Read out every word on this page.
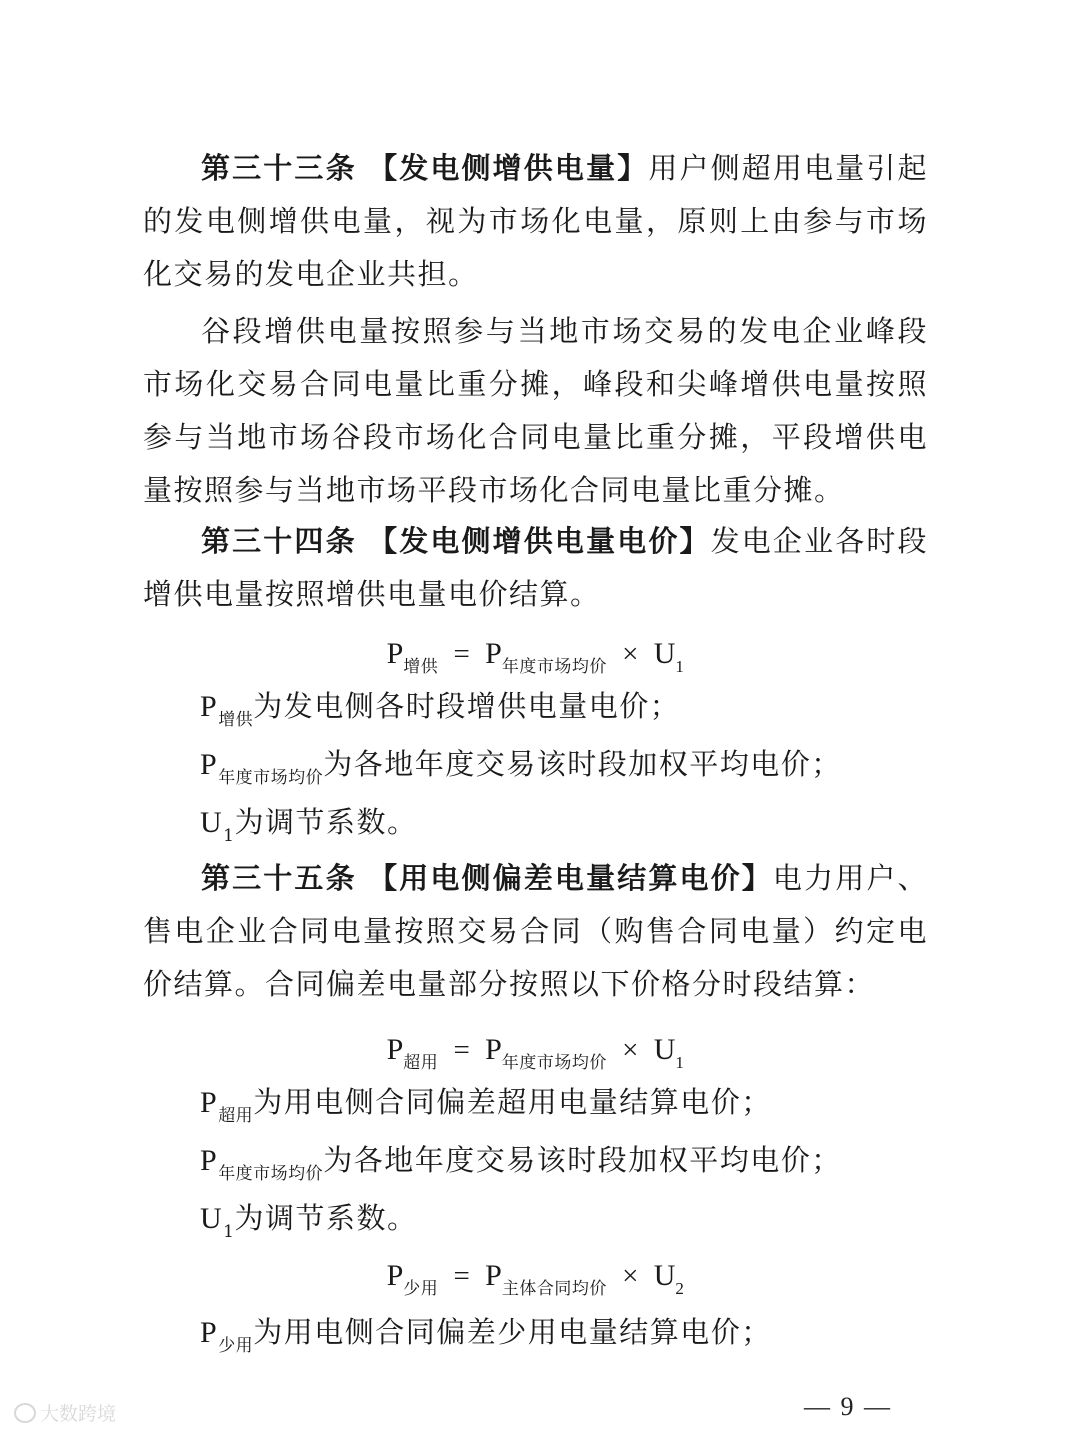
第三十三条 【发电侧增供电量】用户侧超用电量引起的发电侧增供电量，视为市场化电量，原则上由参与市场化交易的发电企业共担。

谷段增供电量按照参与当地市场交易的发电企业峰段市场化交易合同电量比重分摊，峰段和尖峰增供电量按照参与当地市场谷段市场化合同电量比重分摊，平段增供电量按照参与当地市场平段市场化合同电量比重分摊。

第三十四条 【发电侧增供电量电价】发电企业各时段增供电量按照增供电量电价结算。

$P_{增供} = P_{年度市场均价} \times U_1$
$P_{增供}$为发电侧各时段增供电量电价；
$P_{年度市场均价}$为各地年度交易该时段加权平均电价；
$U_1$为调节系数。

第三十五条 【用电侧偏差电量结算电价】电力用户、售电企业合同电量按照交易合同（购售合同电量）约定电价结算。合同偏差电量部分按照以下价格分时段结算：

$P_{超用} = P_{年度市场均价} \times U_1$
$P_{超用}$为用电侧合同偏差超用电量结算电价；
$P_{年度市场均价}$为各地年度交易该时段加权平均电价；
$U_1$为调节系数。
$P_{少用} = P_{主体合同均价} \times U_2$
$P_{少用}$为用电侧合同偏差少用电量结算电价；
— 9 —
大数跨境
